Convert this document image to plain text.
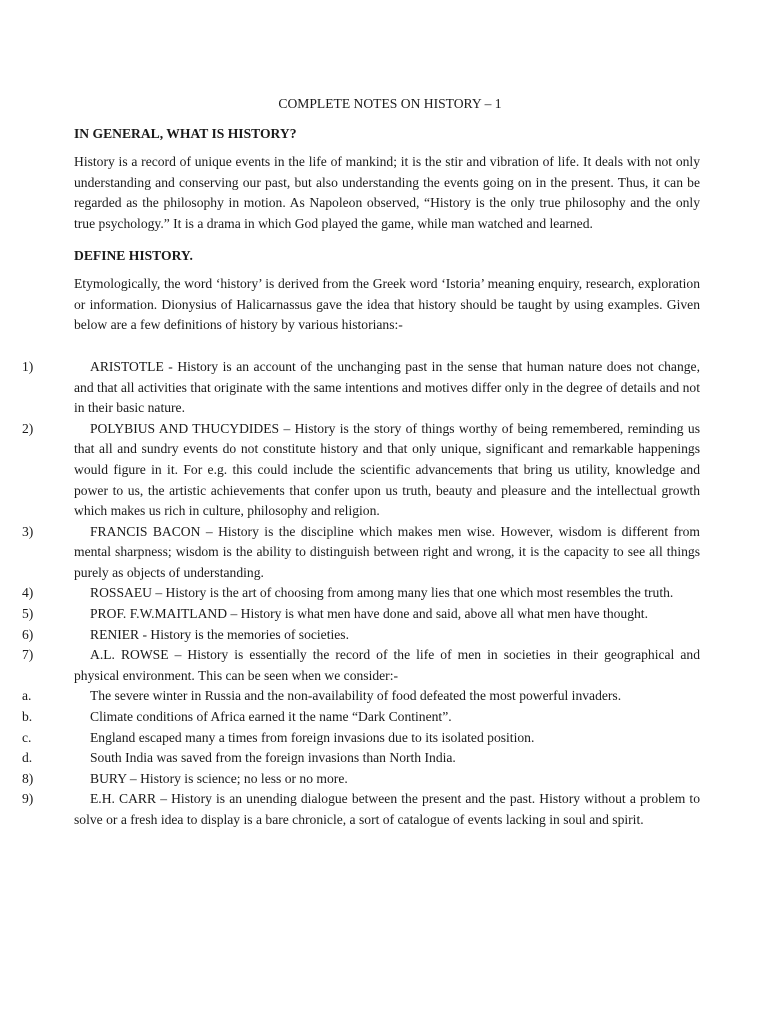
COMPLETE NOTES ON HISTORY – 1
IN GENERAL, WHAT IS HISTORY?

History is a record of unique events in the life of mankind; it is the stir and vibration of life. It deals with not only understanding and conserving our past, but also understanding the events going on in the present. Thus, it can be regarded as the philosophy in motion. As Napoleon observed, “History is the only true philosophy and the only true psychology.” It is a drama in which God played the game, while man watched and learned.

DEFINE HISTORY.

Etymologically, the word ‘history’ is derived from the Greek word ‘Istoria’ meaning enquiry, research, exploration or information. Dionysius of Halicarnassus gave the idea that history should be taught by using examples. Given below are a few definitions of history by various historians:-

1)	ARISTOTLE - History is an account of the unchanging past in the sense that human nature does not change, and that all activities that originate with the same intentions and motives differ only in the degree of details and not in their basic nature.
2)	POLYBIUS AND THUCYDIDES – History is the story of things worthy of being remembered, reminding us that all and sundry events do not constitute history and that only unique, significant and remarkable happenings would figure in it. For e.g. this could include the scientific advancements that bring us utility, knowledge and power to us, the artistic achievements that confer upon us truth, beauty and pleasure and the intellectual growth which makes us rich in culture, philosophy and religion.
3)	FRANCIS BACON – History is the discipline which makes men wise. However, wisdom is different from mental sharpness; wisdom is the ability to distinguish between right and wrong, it is the capacity to see all things purely as objects of understanding.
4)	ROSSAEU – History is the art of choosing from among many lies that one which most resembles the truth.
5)	PROF. F.W.MAITLAND – History is what men have done and said, above all what men have thought.
6)	RENIER - History is the memories of societies.
7)	A.L. ROWSE – History is essentially the record of the life of men in societies in their geographical and physical environment. This can be seen when we consider:-
a.	The severe winter in Russia and the non-availability of food defeated the most powerful invaders.
b.	Climate conditions of Africa earned it the name “Dark Continent”.
c.	England escaped many a times from foreign invasions due to its isolated position.
d.	South India was saved from the foreign invasions than North India.
8)	BURY – History is science; no less or no more.
9)	E.H. CARR – History is an unending dialogue between the present and the past. History without a problem to solve or a fresh idea to display is a bare chronicle, a sort of catalogue of events lacking in soul and spirit.
